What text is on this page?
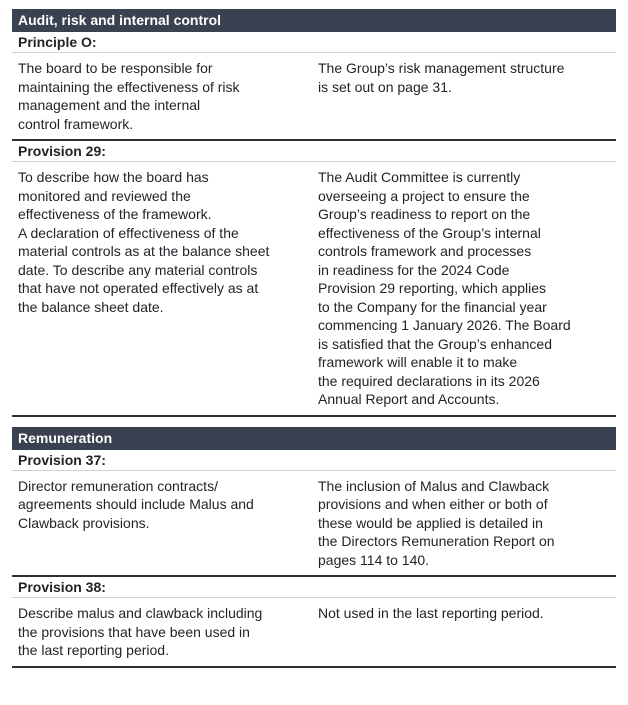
Audit, risk and internal control
Principle O:
The board to be responsible for
maintaining the effectiveness of risk
management and the internal
control framework.
The Group’s risk management structure
is set out on page 31.
Provision 29:
To describe how the board has
monitored and reviewed the
effectiveness of the framework.
A declaration of effectiveness of the
material controls as at the balance sheet
date. To describe any material controls
that have not operated effectively as at
the balance sheet date.
The Audit Committee is currently
overseeing a project to ensure the
Group’s readiness to report on the
effectiveness of the Group’s internal
controls framework and processes
in readiness for the 2024 Code
Provision 29 reporting, which applies
to the Company for the financial year
commencing 1 January 2026. The Board
is satisfied that the Group’s enhanced
framework will enable it to make
the required declarations in its 2026
Annual Report and Accounts.
Remuneration
Provision 37:
Director remuneration contracts/
agreements should include Malus and
Clawback provisions.
The inclusion of Malus and Clawback
provisions and when either or both of
these would be applied is detailed in
the Directors Remuneration Report on
pages 114 to 140.
Provision 38:
Describe malus and clawback including
the provisions that have been used in
the last reporting period.
Not used in the last reporting period.
